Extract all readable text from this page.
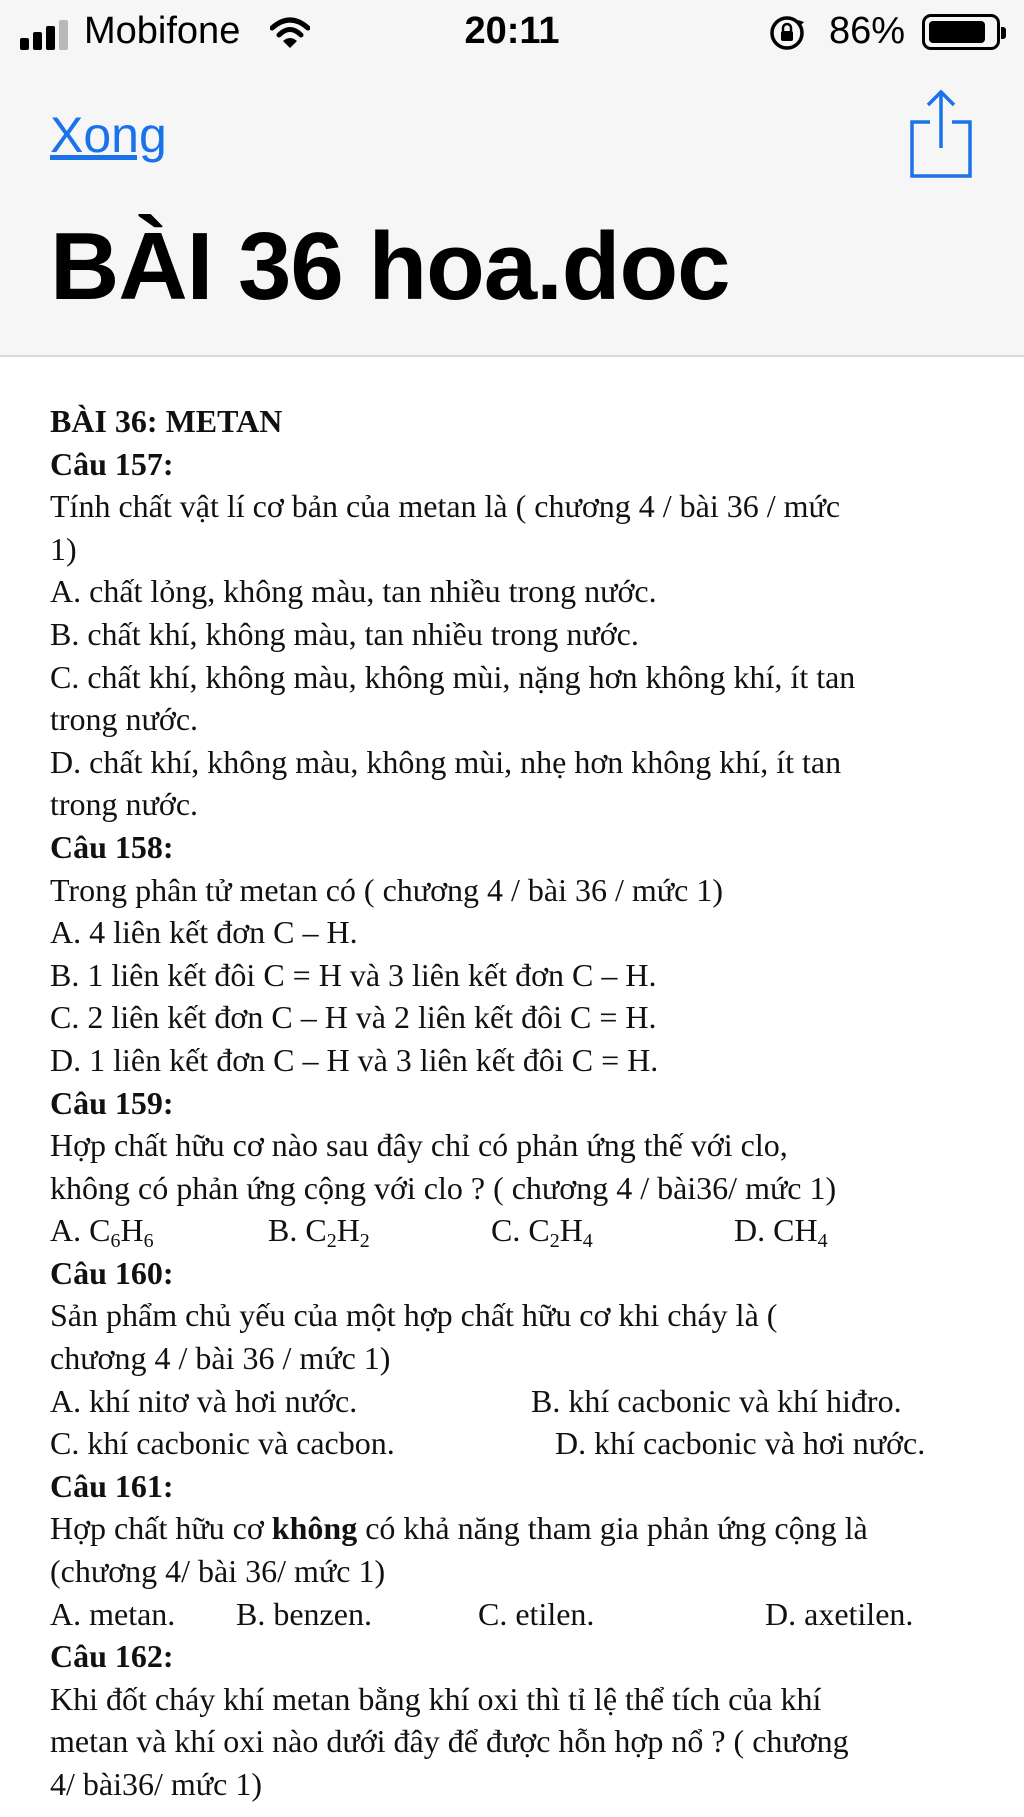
Mobifone	20:11	86%
Xong
BÀI 36 hoa.doc
BÀI 36: METAN
Câu 157:
Tính chất vật lí cơ bản của metan là ( chương 4 / bài 36 / mức
1)
A. chất lỏng, không màu, tan nhiều trong nước.
B. chất khí, không màu, tan nhiều trong nước.
C. chất khí, không màu, không mùi, nặng hơn không khí, ít tan
trong nước.
D. chất khí, không màu, không mùi, nhẹ hơn không khí, ít tan
trong nước.
Câu 158:
Trong phân tử metan có ( chương 4 / bài 36 / mức 1)
A. 4 liên kết đơn C – H.
B. 1 liên kết đôi C = H và 3 liên kết đơn C – H.
C. 2 liên kết đơn C – H và 2 liên kết đôi C = H.
D. 1 liên kết đơn C – H và 3 liên kết đôi C = H.
Câu 159:
Hợp chất hữu cơ nào sau đây chỉ có phản ứng thế với clo,
không có phản ứng cộng với clo ? ( chương 4 / bài36/ mức 1)
A. $C_6H_6$	B. $C_2H_2$	C. $C_2H_4$	D. $CH_4$
Câu 160:
Sản phẩm chủ yếu của một hợp chất hữu cơ khi cháy là (
chương 4 / bài 36 / mức 1)
A. khí nitơ và hơi nước.	B. khí cacbonic và khí hiđro.
C. khí cacbonic và cacbon.	D. khí cacbonic và hơi nước.
Câu 161:
Hợp chất hữu cơ không có khả năng tham gia phản ứng cộng là
(chương 4/ bài 36/ mức 1)
A. metan. B. benzen.	C. etilen.	D. axetilen.
Câu 162:
Khi đốt cháy khí metan bằng khí oxi thì tỉ lệ thể tích của khí
metan và khí oxi nào dưới đây để được hỗn hợp nổ ? ( chương
4/ bài36/ mức 1)
